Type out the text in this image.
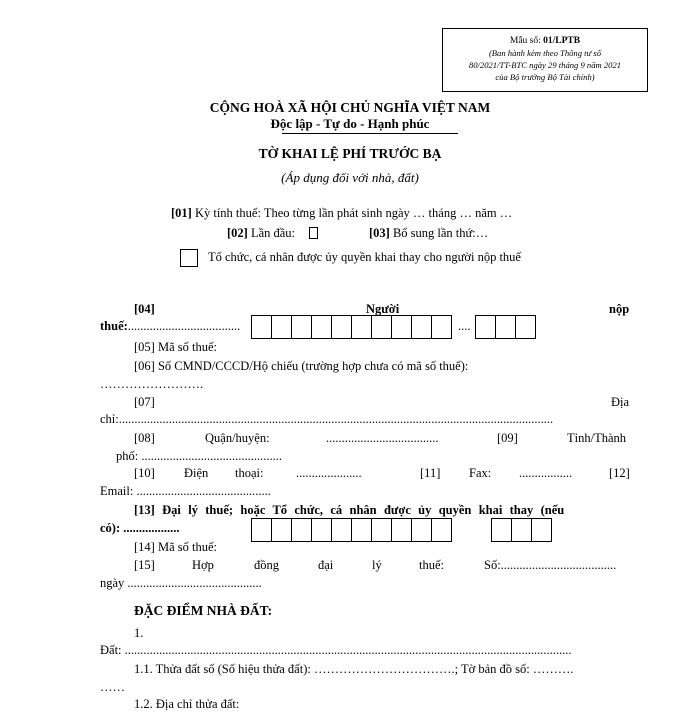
Mẫu số: 01/LPTB
(Ban hành kèm theo Thông tư số
80/2021/TT-BTC ngày 29 tháng 9 năm 2021
của Bộ trưởng Bộ Tài chính)
CỘNG HOÀ XÃ HỘI CHỦ NGHĨA VIỆT NAM
Độc lập - Tự do - Hạnh phúc
TỜ KHAI LỆ PHÍ TRƯỚC BẠ
(Áp dụng đối với nhà, đất)
[01] Kỳ tính thuế: Theo từng lần phát sinh ngày … tháng … năm …
[02] Lần đầu:	[03] Bổ sung lần thứ:…
Tổ chức, cá nhân được ủy quyền khai thay cho người nộp thuế
[04]	Người	nộp
thuế:....................................	....
[05] Mã số thuế:
[06] Số CMND/CCCD/Hộ chiếu (trường hợp chưa có mã số thuế):
…………………….
[07]	Địa
chỉ:...........................................................................................................................................
[08]	Quận/huyện:	....................................	[09]	Tỉnh/Thành
phố: .............................................
[10] Điện thoại:	.....................	[11] Fax: .................	[12]
Email: ...........................................
[13] Đại lý thuế; hoặc Tổ chức, cá nhân được ủy quyền khai thay (nếu
có): ..................
[14] Mã số thuế:
[15]	Hợp	đồng	đại	lý	thuế:	Số:.....................................
ngày ...........................................
ĐẶC ĐIỂM NHÀ ĐẤT:
1.
Đất: ...............................................................................................................................................
1.1. Thửa đất số (Số hiệu thửa đất): …………………………….; Tờ bản đồ số: ……….
……
1.2. Địa chỉ thửa đất:
